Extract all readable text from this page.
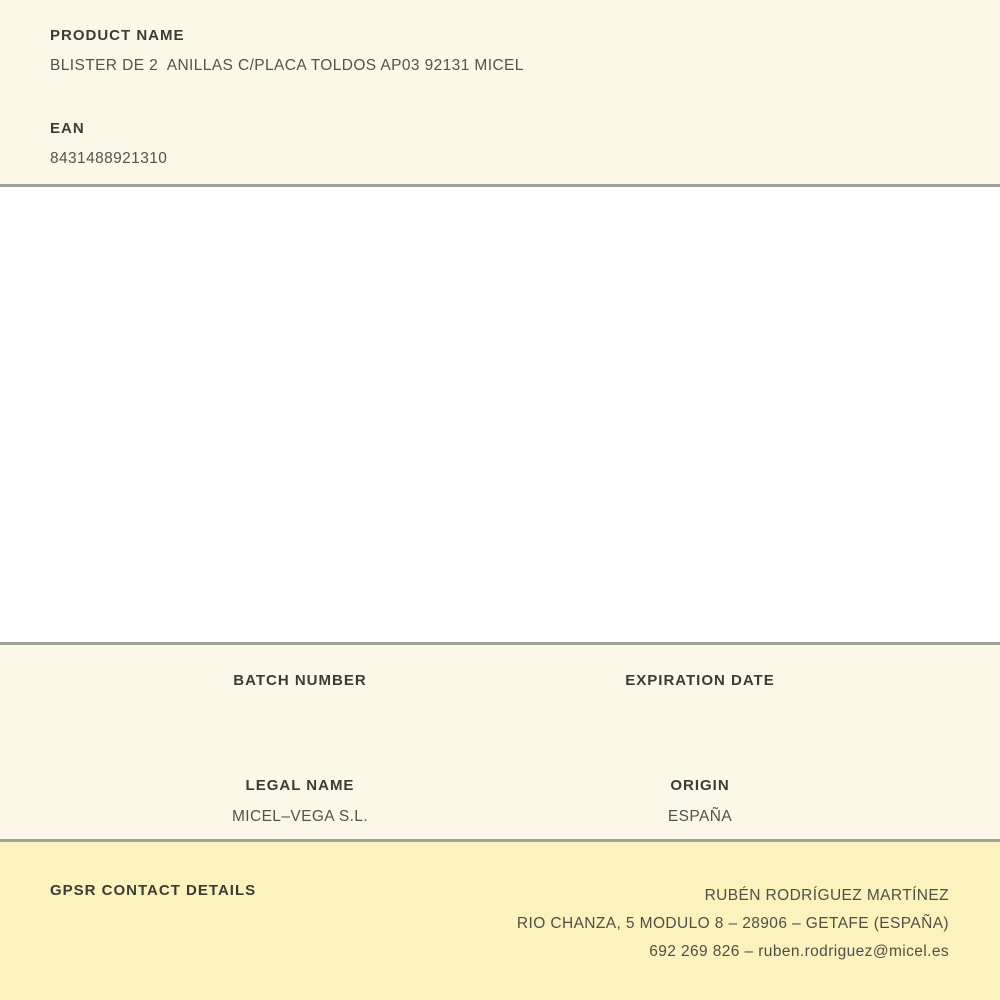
PRODUCT NAME
BLISTER DE 2  ANILLAS C/PLACA TOLDOS AP03 92131 MICEL
EAN
8431488921310
BATCH NUMBER	EXPIRATION DATE
LEGAL NAME
MICEL–VEGA S.L.
ORIGIN
ESPAÑA
GPSR CONTACT DETAILS	RUBÉN RODRÍGUEZ MARTÍNEZ
RIO CHANZA, 5 MODULO 8 – 28906 – GETAFE (ESPAÑA)
692 269 826 – ruben.rodriguez@micel.es
